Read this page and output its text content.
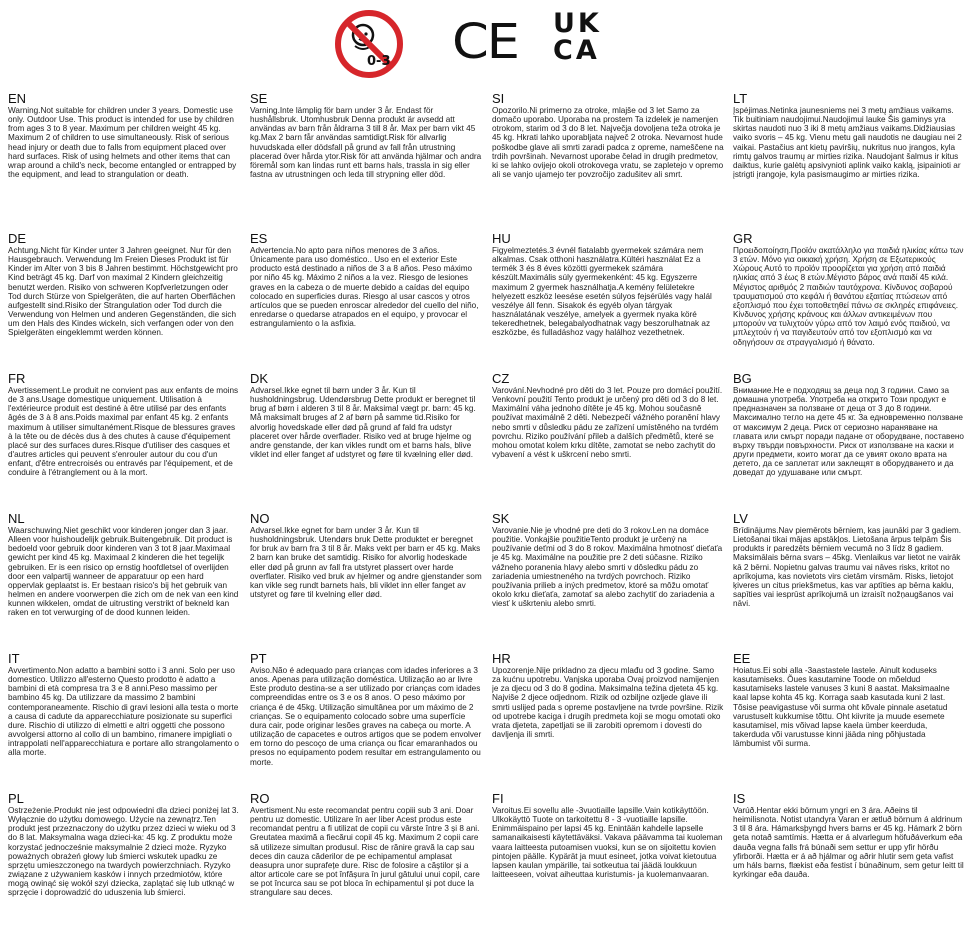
0-3 CE UK
CA
EN

Warning.Not suitable for children under 3 years. Domestic use only. Outdoor Use. This product is intended for use by children from ages 3 to 8 year. Maximum per children weight 45 kg. Maximum 2 of children to use simultaneously. Risk of serious head injury or death due to falls from equipment placed over hard surfaces. Risk of using helmets and other items that can wrap around a child's neck, become entangled or entrapped by the equipment, and lead to strangulation or death.

DE

Achtung.Nicht für Kinder unter 3 Jahren geeignet. Nur für den Hausgebrauch. Verwendung Im Freien Dieses Produkt ist für Kinder im Alter von 3 bis 8 Jahren bestimmt. Höchstgewicht pro Kind beträgt 45 kg. Darf von maximal 2 Kindern gleichzeitig benutzt werden. Risiko von schweren Kopfverletzungen oder Tod durch Stürze von Spielgeräten, die auf harten Oberflächen aufgestellt sind.Risiko der Strangulation oder Tod durch die Verwendung von Helmen und anderen Gegenständen, die sich um den Hals des Kindes wickeln, sich verfangen oder von den Spielgeräten eingeklemmt werden können.

FR

Avertissement.Le produit ne convient pas aux enfants de moins de 3 ans.Usage domestique uniquement. Utilisation à l'extérieurce produit est destiné à être utilisé par des enfants âgés de 3 à 8 ans.Poids maximal par enfant 45 kg. 2 enfants maximum à utiliser simultanément.Risque de blessures graves à la tête ou de décès dus à des chutes à cause d'équipement placé sur des surfaces dures.Risque d'utiliser des casques et d'autres articles qui peuvent s'enrouler autour du cou d'un enfant, d'être entrecroisés ou entravés par l'équipement, et de conduire à l'étranglement ou à la mort.

NL

Waarschuwing.Niet geschikt voor kinderen jonger dan 3 jaar. Alleen voor huishoudelijk gebruik.Buitengebruik. Dit product is bedoeld voor gebruik door kinderen van 3 tot 8 jaar.Maximaal gewicht per kind 45 kg. Maximaal 2 kinderen die het tegelijk gebruiken. Er is een risico op ernstig hoofdletsel of overlijden door een valpartij wanneer de apparatuur op een hard oppervlak geplaatst is. Er bestaan risico's bij het gebruik van helmen en andere voorwerpen die zich om de nek van een kind kunnen wikkelen, omdat de uitrusting verstrikt of bekneld kan raken en tot verwurging of de dood kunnen leiden.

IT

Avvertimento.Non adatto a bambini sotto i 3 anni. Solo per uso domestico. Utilizzo all'esterno Questo prodotto è adatto a bambini di età compresa tra 3 e 8 anni.Peso massimo per bambino 45 kg. Da utilizzare da massimo 2 bambini contemporaneamente. Rischio di gravi lesioni alla testa o morte a causa di cadute da apparecchiature posizionate su superfici dure. Rischio di utilizzo di elmetti e altri oggetti che possono avvolgersi attorno al collo di un bambino, rimanere impigliati o intrappolati nell'apparecchiatura e portare allo strangolamento o alla morte.

PL

Ostrzeżenie.Produkt nie jest odpowiedni dla dzieci poniżej lat 3. Wyłącznie do użytku domowego. Użycie na zewnątrz.Ten produkt jest przeznaczony do użytku przez dzieci w wieku od 3 do 8 lat. Maksymalna waga dzieci-ka: 45 kg. Z produktu może korzystać jednocześnie maksymalnie 2 dzieci może. Ryzyko poważnych obrażeń głowy lub śmierci wskutek upadku ze sprzętu umieszczonego na twardych powierzchniach. Ryzyko związane z używaniem kasków i innych przedmiotów, które mogą owinąć się wokół szyi dziecka, zaplątać się lub utknąć w sprzęcie i doprowadzić do uduszenia lub śmierci.

SE

Varning.Inte lämplig för barn under 3 år. Endast för hushållsbruk. Utomhusbruk Denna produkt är avsedd att användas av barn från åldrarna 3 till 8 år. Max per barn vikt 45 kg.Max 2 barn får användas samtidigt.Risk för allvarlig huvudskada eller dödsfall på grund av fall från utrustning placerad över hårda ytor.Risk för att använda hjälmar och andra föremål som kan lindas runt ett barns hals, trassla in sig eller fastna av utrustningen och leda till strypning eller död.

ES

Advertencia.No apto para niños menores de 3 años. Únicamente para uso doméstico.. Uso en el exterior Este producto está destinado a niños de 3 a 8 años. Peso máximo por niño 45 kg. Máximo 2 niños a la vez. Riesgo de lesiones graves en la cabeza o de muerte debido a caídas del equipo colocado en superficies duras. Riesgo al usar cascos y otros artículos que se pueden enroscar alrededor del cuello del niño, enredarse o quedarse atrapados en el equipo, y provocar el estrangulamiento o la asfixia.

DK

Advarsel.Ikke egnet til børn under 3 år. Kun til husholdningsbrug. Udendørsbrug Dette produkt er beregnet til brug af børn i alderen 3 til 8 år. Maksimal vægt pr. barn: 45 kg. Må maksimalt bruges af 2 af børn på samme tid.Risiko for alvorlig hovedskade eller død på grund af fald fra udstyr placeret over hårde overflader. Risiko ved at bruge hjelme og andre genstande, der kan vikles rundt om et barns hals, blive viklet ind eller fanget af udstyret og føre til kvælning eller død.

NO

Advarsel.Ikke egnet for barn under 3 år. Kun til husholdningsbruk. Utendørs bruk Dette produktet er beregnet for bruk av barn fra 3 til 8 år. Maks vekt per barn er 45 kg. Maks 2 barn kan bruke det samtidig. Risiko for alvorlig hodeskade eller død på grunn av fall fra utstyret plassert over harde overflater. Risiko ved bruk av hjelmer og andre gjenstander som kan vikle seg rundt barnets hals, bli viklet inn eller fanget av utstyret og føre til kvelning eller død.

PT

Aviso.Não é adequado para crianças com idades inferiores a 3 anos. Apenas para utilização doméstica. Utilização ao ar livre Este produto destina-se a ser utilizado por crianças com idades compreendidas entre os 3 e os 8 anos. O peso máximo por criança é de 45kg. Utilização simultânea por um máximo de 2 crianças. Se o equipamento colocado sobre uma superfície dura cair, pode originar lesões graves na cabeça ou morte. A utilização de capacetes e outros artigos que se podem envolver em torno do pescoço de uma criança ou ficar emaranhados ou presos no equipamento podem resultar em estrangulamento ou morte.

RO

Avertisment.Nu este recomandat pentru copiii sub 3 ani. Doar pentru uz domestic. Utilizare în aer liber Acest produs este recomandat pentru a fi utilizat de copii cu vârste între 3 și 8 ani. Greutatea maximă a fiecărui copil 45 kg. Maximum 2 copii care să utilizeze simultan produsul. Risc de rănire gravă la cap sau deces din cauza căderilor de pe echipamentul amplasat deasupra unor suprafețe dure. Risc de folosire a căștilor și a altor articole care se pot înfășura în jurul gâtului unui copil, care se pot încurca sau se pot bloca în echipamentul și pot duce la strangulare sau deces.

SI

Opozorilo.Ni primerno za otroke, mlajše od 3 let Samo za domačo uporabo. Uporaba na prostem Ta izdelek je namenjen otrokom, starim od 3 do 8 let. Največja dovoljena teža otroka je 45 kg. Hkrati lahko uporabljata največ 2 otroka. Nevarnost hude poškodbe glave ali smrti zaradi padca z opreme, nameščene na trdih površinah. Nevarnost uporabe čelad in drugih predmetov, ki se lahko ovijejo okoli otrokovega vratu, se zapletejo v opremo ali se vanjo ujamejo ter povzročijo zadušitev ali smrt.

HU

Figyelmeztetés.3 évnél fiatalabb gyermekek számára nem alkalmas. Csak otthoni használatra.Kültéri használat Ez a termék 3 és 8 éves közötti gyermekek számára készült.Maximális súly gyermekenként: 45 kg. Egyszerre maximum 2 gyermek használhatja.A kemény felületekre helyezett eszköz leesése esetén súlyos fejsérülés vagy halál veszélye áll fenn. Sisakok és egyéb olyan tárgyak használatának veszélye, amelyek a gyermek nyaka köré tekeredhetnek, belegabalyodhatnak vagy beszorulhatnak az eszközbe, és fulladáshoz vagy halálhoz vezethetnek.

CZ

Varování.Nevhodné pro děti do 3 let. Pouze pro domácí použití. Venkovní použití Tento produkt je určený pro děti od 3 do 8 let. Maximální váha jednoho dítěte je 45 kg. Mohou současně používat maximálně 2 děti. Nebezpečí vážného poranění hlavy nebo smrti v důsledku pádu ze zařízení umístěného na tvrdém povrchu. Riziko používání přileb a dalších předmětů, které se mohou omotat kolem krku dítěte, zamotat se nebo zachytit do vybavení a vést k uškrcení nebo smrti.

SK

Varovanie.Nie je vhodné pre deti do 3 rokov.Len na domáce použitie. Vonkajšie použitieTento produkt je určený na používanie deťmi od 3 do 8 rokov. Maximálna hmotnosť dieťaťa je 45 kg. Maximálne na použitie pre 2 deti súčasne. Riziko vážneho poranenia hlavy alebo smrti v dôsledku pádu zo zariadenia umiestneného na tvrdých povrchoch. Riziko používania prilieb a iných predmetov, ktoré sa môžu omotať okolo krku dieťaťa, zamotať sa alebo zachytiť do zariadenia a viesť k uškrteniu alebo smrti.

HR

Upozorenje.Nije prikladno za djecu mlađu od 3 godine. Samo za kućnu upotrebu. Vanjska uporaba Ovaj proizvod namijenjen je za djecu od 3 do 8 godina. Maksimalna težina djeteta 45 kg. Najviše 2 djece odjednom. Rizik od ozbiljne ozljede glave ili smrti uslijed pada s opreme postavljene na tvrde površine. Rizik od upotrebe kaciga i drugih predmeta koji se mogu omotati oko vrata djeteta, zapetljati se ili zarobiti opremom i dovesti do davljenja ili smrti.

FI

Varoitus.Ei sovellu alle -3vuotiaille lapsille.Vain kotikäyttöön. Ulkokäyttö Tuote on tarkoitettu 8 - 3 -vuotiaille lapsille. Enimmäispaino per lapsi 45 kg. Enintään kahdelle lapselle samanaikaisesti käytettäväksi. Vakava päävamma tai kuoleman vaara laitteesta putoamisen vuoksi, kun se on sijoitettu kovien pintojen päälle. Kypärät ja muut esineet, jotka voivat kietoutua lapsen kaulan ympärille, tai sotkeutua tai jäädä loukkuun laitteeseen, voivat aiheuttaa kuristumis- ja kuolemanvaaran.

LT

Įspėjimas.Netinka jaunesniems nei 3 metų amžiaus vaikams. Tik buitiniam naudojimui.Naudojimui lauke Šis gaminys yra skirtas naudoti nuo 3 iki 8 metų amžiaus vaikams.Didžiausias vaiko svoris – 45 kg. Vienu metu gali naudotis ne daugiau nei 2 vaikai. Pastačius ant kietų paviršių, nukritus nuo įrangos, kyla rimtų galvos traumų ar mirties rizika. Naudojant šalmus ir kitus daiktus, kurie galėtų apsivynioti aplink vaiko kaklą, įsipainioti ar įstrigti įrangoje, kyla pasismaugimo ar mirties rizika.

GR

Προειδοποίηση.Προϊόν ακατάλληλο για παιδιά ηλικίας κάτω των 3 ετών. Μόνο για οικιακή χρήση. Χρήση σε Εξωτερικούς Χώρους Αυτό το προϊόν προορίζεται για χρήση από παιδιά ηλικίας από 3 έως 8 ετών.Μέγιστο βάρος ανά παιδί 45 κιλά. Μέγιστος αριθμός 2 παιδιών ταυτόχρονα. Κίνδυνος σοβαρού τραυματισμού στο κεφάλι ή θανάτου εξαιτίας πτώσεων από εξοπλισμό που έχει τοποθετηθεί πάνω σε σκληρές επιφάνειες. Κίνδυνος χρήσης κράνους και άλλων αντικειμένων που μπορούν να τυλιχτούν γύρω από τον λαιμό ενός παιδιού, να μπλεχτούν ή να παγιδευτούν από τον εξοπλισμό και να οδηγήσουν σε στραγγαλισμό ή θάνατο.

BG

Внимание.Не е подходящ за деца под 3 години. Само за домашна употреба. Употреба на открито Този продукт е предназначен за ползване от деца от 3 до 8 години. Максимално тегло на дете 45 кг. За едновременно ползване от максимум 2 деца. Риск от сериозно нараняване на главата или смърт поради падане от оборудване, поставено върху твърди повърхности. Риск от използване на каски и други предмети, които могат да се увият около врата на детето, да се заплетат или заклещят в оборудването и да доведат до удушаване или смърт.

LV

Brīdinājums.Nav piemērots bērniem, kas jaunāki par 3 gadiem. Lietošanai tikai mājas apstākļos. Lietošana ārpus telpām Šis produkts ir paredzēts bērniem vecumā no 3 līdz 8 gadiem. Maksimālais bērna svars – 45kg. Vienlaikus var lietot ne vairāk kā 2 bērni. Nopietnu galvas traumu vai nāves risks, kritot no aprīkojuma, kas novietots virs cietām virsmām. Risks, lietojot ķiveres un citus priekšmetus, kas var aptīties ap bērna kaklu, sapīties vai iesprūst aprīkojumā un izraisīt nožņaugšanos vai nāvi.

EE

Hoiatus.Ei sobi alla -3aastastele lastele. Ainult koduseks kasutamiseks. Õues kasutamine Toode on mõeldud kasutamiseks lastele vanuses 3 kuni 8 aastat. Maksimaalne kaal lapse kohta 45 kg. Korraga saab kasutada kuni 2 last. Tõsise peavigastuse või surma oht kõvale pinnale asetatud varustuselt kukkumise tõttu. Oht kiivrite ja muude esemete kasutamisel, mis võivad lapse kaela ümber keerduda, takerduda või varustusse kinni jääda ning põhjustada lämbumist või surma.

IS

Varúð.Hentar ekki börnum yngri en 3 ára. Aðeins til heimilisnota. Notist utandyra Varan er ætluð börnum á aldrinum 3 til 8 ára. Hámarksþyngd hvers barns er 45 kg. Hámark 2 börn geta notað samtímis. Hætta er á alvarlegum höfuðáverkum eða dauða vegna falls frá búnaði sem settur er upp yfir hörðu yfirborði. Hætta er á að hjálmar og aðrir hlutir sem geta vafist um háls barns, flækist eða festist í búnaðinum, sem getur leitt til kyrkingar eða dauða.
